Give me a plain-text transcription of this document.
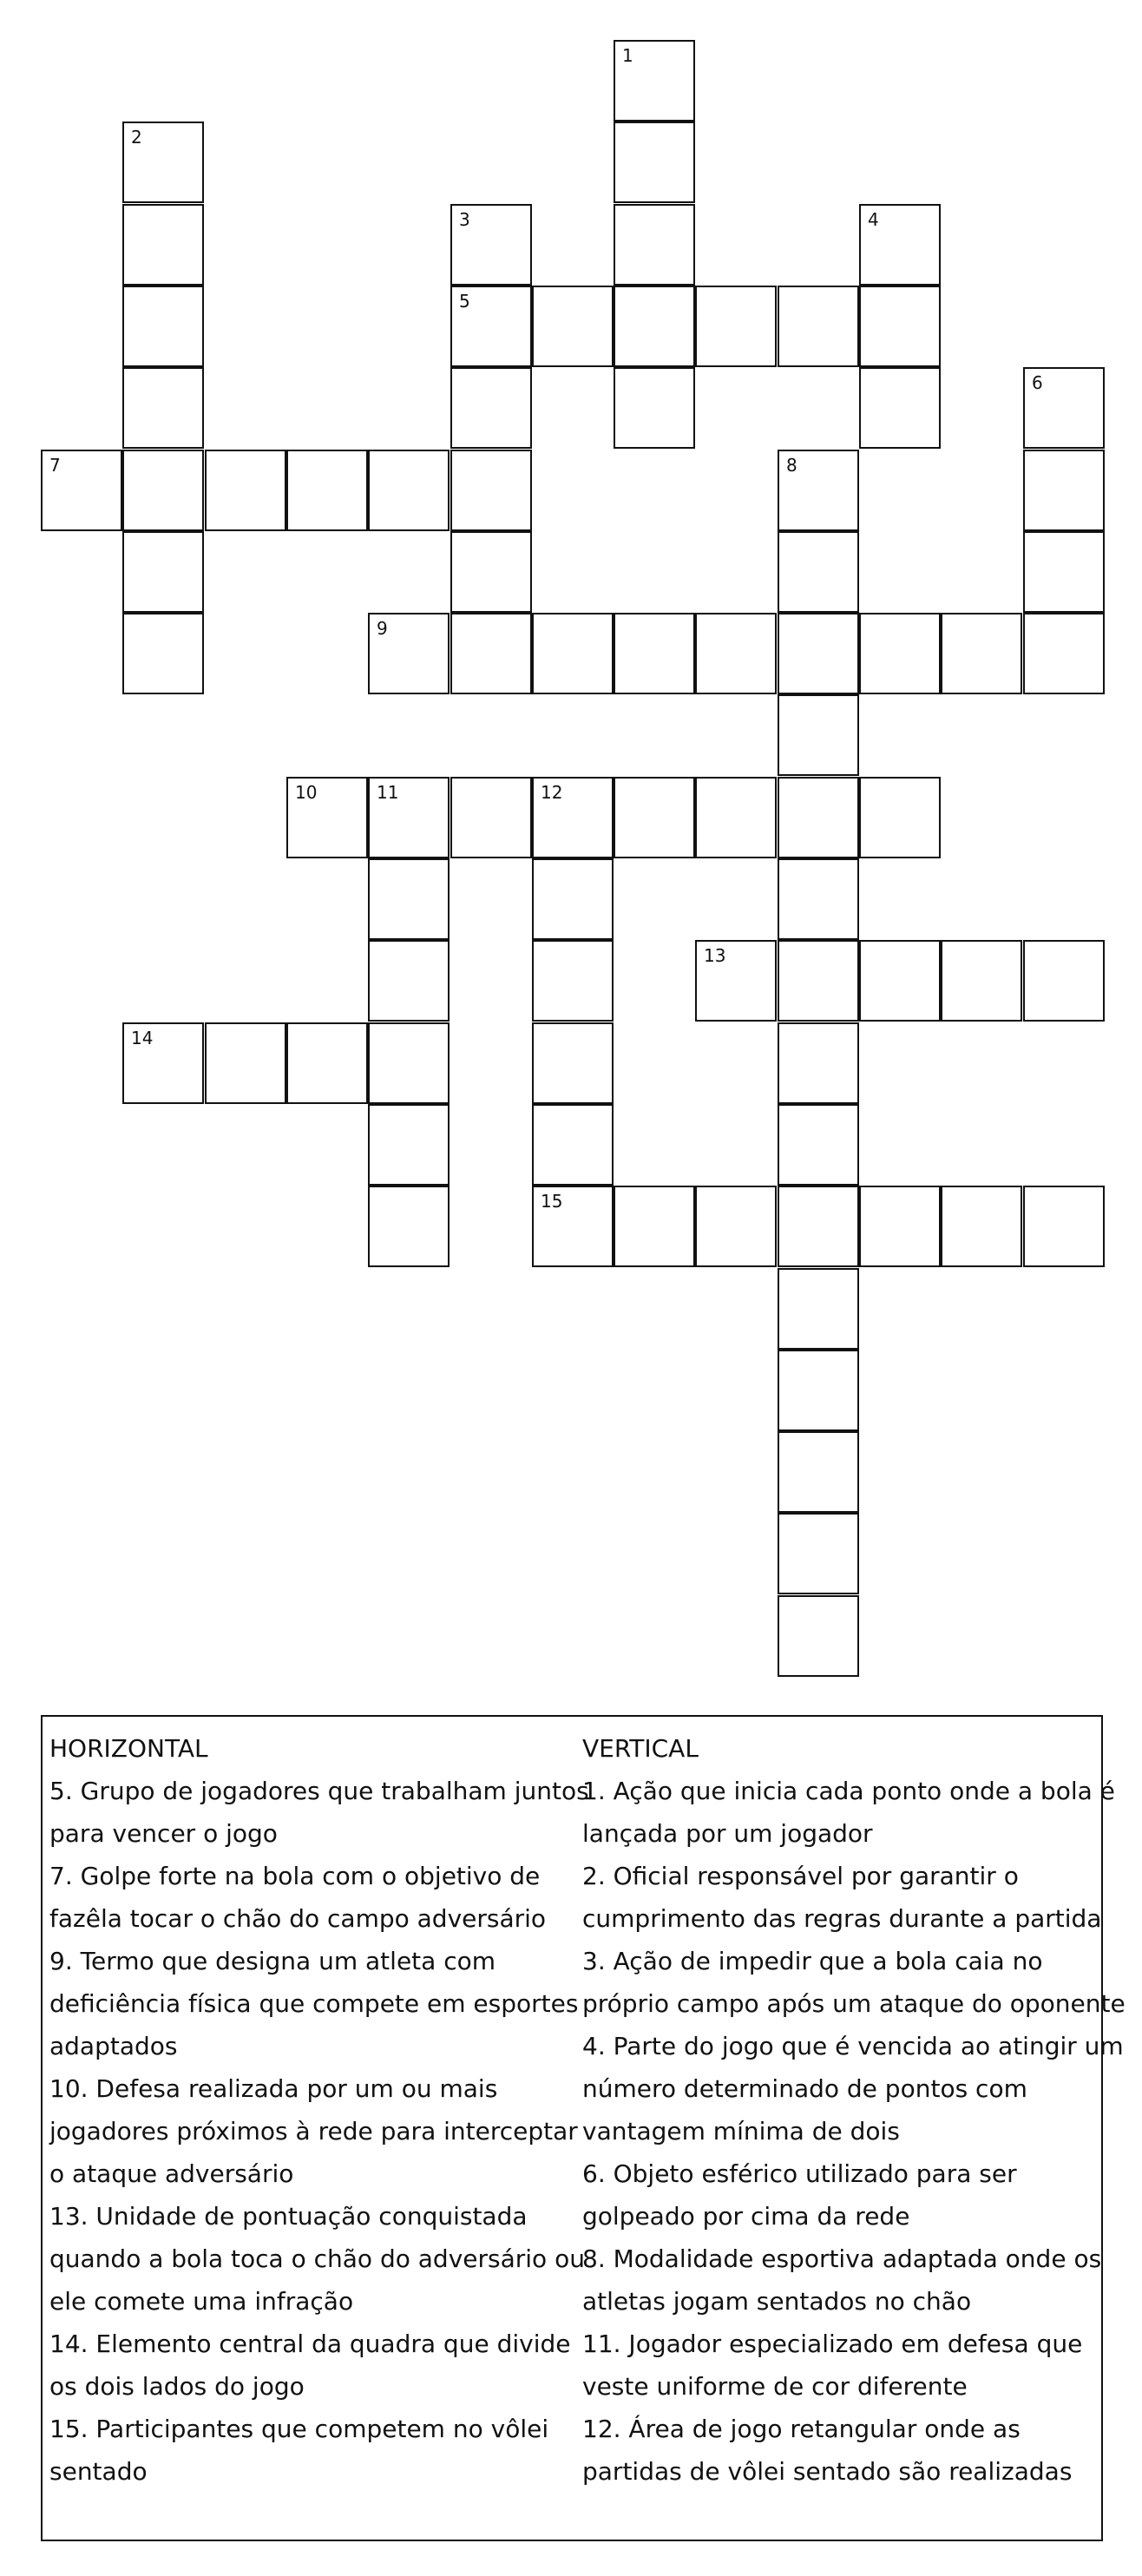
1
2
3	4
5
6
7	8
9
10	11	12
13
14
15
HORIZONTAL
5. Grupo de jogadores que trabalham juntos
para vencer o jogo
7. Golpe forte na bola com o objetivo de
fazêla tocar o chão do campo adversário
9. Termo que designa um atleta com
deficiência física que compete em esportes
adaptados
10. Defesa realizada por um ou mais
jogadores próximos à rede para interceptar
o ataque adversário
13. Unidade de pontuação conquistada
quando a bola toca o chão do adversário ou
ele comete uma infração
14. Elemento central da quadra que divide
os dois lados do jogo
15. Participantes que competem no vôlei
sentado
VERTICAL
1. Ação que inicia cada ponto onde a bola é
lançada por um jogador
2. Oficial responsável por garantir o
cumprimento das regras durante a partida
3. Ação de impedir que a bola caia no
próprio campo após um ataque do oponente
4. Parte do jogo que é vencida ao atingir um
número determinado de pontos com
vantagem mínima de dois
6. Objeto esférico utilizado para ser
golpeado por cima da rede
8. Modalidade esportiva adaptada onde os
atletas jogam sentados no chão
11. Jogador especializado em defesa que
veste uniforme de cor diferente
12. Área de jogo retangular onde as
partidas de vôlei sentado são realizadas
